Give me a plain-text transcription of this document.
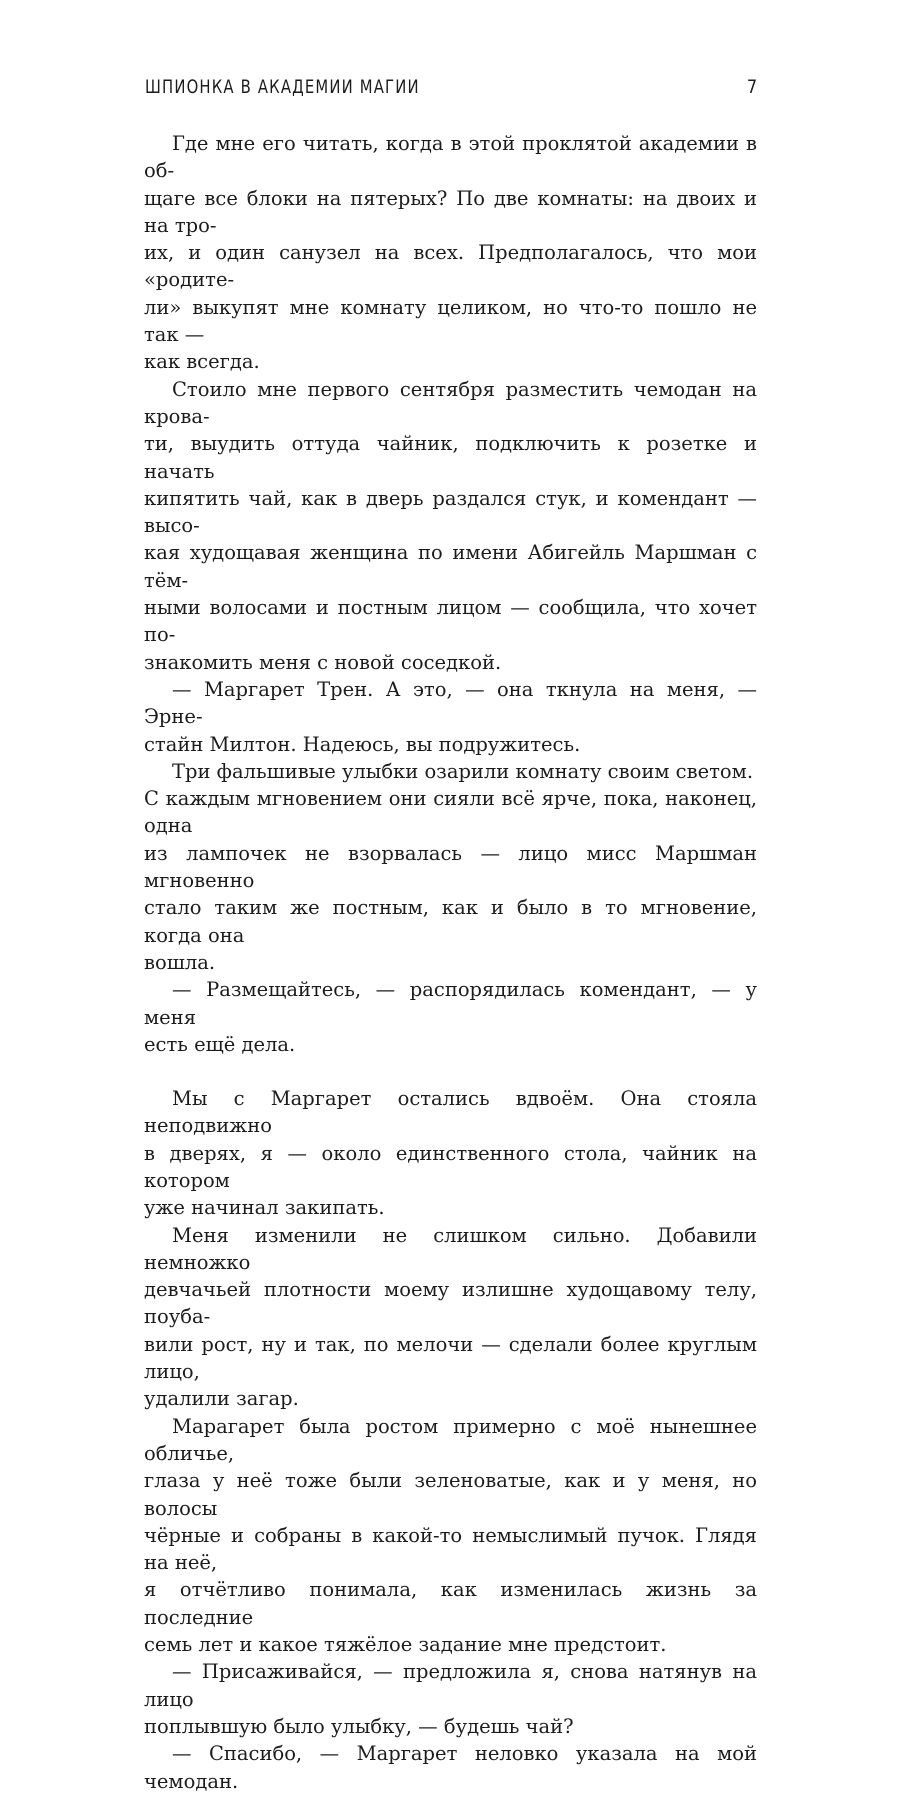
ШПИОНКА В АКАДЕМИИ МАГИИ	7

Где мне его читать, когда в этой проклятой академии в об-
щаге все блоки на пятерых? По две комнаты: на двоих и на тро-
их, и один санузел на всех. Предполагалось, что мои «родите-
ли» выкупят мне комнату целиком, но что-то пошло не так —
как всегда.

Стоило мне первого сентября разместить чемодан на крова-
ти, выудить оттуда чайник, подключить к розетке и начать
кипятить чай, как в дверь раздался стук, и комендант — высо-
кая худощавая женщина по имени Абигейль Маршман с тём-
ными волосами и постным лицом — сообщила, что хочет по-
знакомить меня с новой соседкой.

— Маргарет Трен. А это, — она ткнула на меня, — Эрне-
стайн Милтон. Надеюсь, вы подружитесь.

Три фальшивые улыбки озарили комнату своим светом.
С каждым мгновением они сияли всё ярче, пока, наконец, одна
из лампочек не взорвалась — лицо мисс Маршман мгновенно
стало таким же постным, как и было в то мгновение, когда она
вошла.

— Размещайтесь, — распорядилась комендант, — у меня
есть ещё дела.

Мы с Маргарет остались вдвоём. Она стояла неподвижно
в дверях, я — около единственного стола, чайник на котором
уже начинал закипать.

Меня изменили не слишком сильно. Добавили немножко
девчачьей плотности моему излишне худощавому телу, поуба-
вили рост, ну и так, по мелочи — сделали более круглым лицо,
удалили загар.

Марагарет была ростом примерно с моё нынешнее обличье,
глаза у неё тоже были зеленоватые, как и у меня, но волосы
чёрные и собраны в какой-то немыслимый пучок. Глядя на неё,
я отчётливо понимала, как изменилась жизнь за последние
семь лет и какое тяжёлое задание мне предстоит.

— Присаживайся, — предложила я, снова натянув на лицо
поплывшую было улыбку, — будешь чай?

— Спасибо, — Маргарет неловко указала на мой чемодан.
